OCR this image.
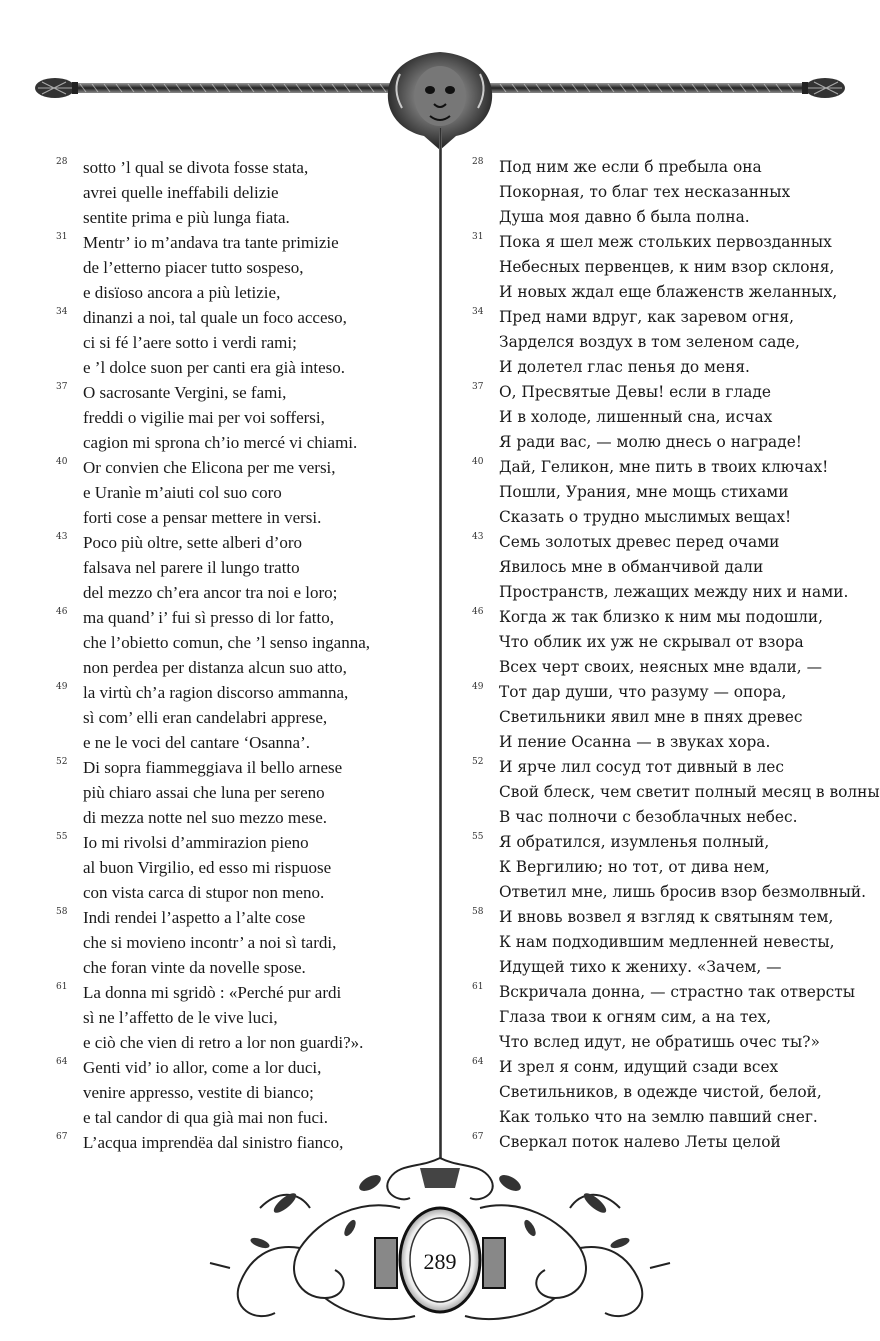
28 sotto ’l qual se divota fosse stata,
avrei quelle ineffabili delizie
sentite prima e più lunga fiata.
31 Mentr’ io m’andava tra tante primizie
de l’etterno piacer tutto sospeso,
e disïoso ancora a più letizie,
34 dinanzi a noi, tal quale un foco acceso,
ci si fé l’aere sotto i verdi rami;
e ’l dolce suon per canti era già inteso.
37 O sacrosante Vergini, se fami,
freddi o vigilie mai per voi soffersi,
cagion mi sprona ch’io mercé vi chiami.
40 Or convien che Elicona per me versi,
e Uranìe m’aiuti col suo coro
forti cose a pensar mettere in versi.
43 Poco più oltre, sette alberi d’oro
falsava nel parere il lungo tratto
del mezzo ch’era ancor tra noi e loro;
46 ma quand’ i’ fui sì presso di lor fatto,
che l’obietto comun, che ’l senso inganna,
non perdea per distanza alcun suo atto,
49 la virtù ch’a ragion discorso ammanna,
sì com’ elli eran candelabri apprese,
e ne le voci del cantare ‘Osanna’.
52 Di sopra fiammeggiava il bello arnese
più chiaro assai che luna per sereno
di mezza notte nel suo mezzo mese.
55 Io mi rivolsi d’ammirazion pieno
al buon Virgilio, ed esso mi rispuose
con vista carca di stupor non meno.
58 Indi rendei l’aspetto a l’alte cose
che si movieno incontr’ a noi sì tardi,
che foran vinte da novelle spose.
61 La donna mi sgridò : «Perché pur ardi
sì ne l’affetto de le vive luci,
e ciò che vien di retro a lor non guardi?».
64 Genti vid’ io allor, come a lor duci,
venire appresso, vestite di bianco;
e tal candor di qua già mai non fuci.
67 L’acqua imprendëa dal sinistro fianco,
28	Под ним же если б пребыла она
Покорная, то благ тех несказанных
Душа моя давно б была полна.
31	Пока я шел меж стольких первозданных
Небесных первенцев, к ним взор склоня,
И новых ждал еще блаженств желанных,
34	Пред нами вдруг, как заревом огня,
Зарделся воздух в том зеленом саде,
И долетел глас пенья до меня.
37	О, Пресвятые Девы! если в гладе
И в холоде, лишенный сна, исчах
Я ради вас, — молю днесь о награде!
40	Дай, Геликон, мне пить в твоих ключах!
Пошли, Урания, мне мощь стихами
Сказать о трудно мыслимых вещах!
43	Семь золотых древес перед очами
Явилось мне в обманчивой дали
Пространств, лежащих между них и нами.
46	Когда ж так близко к ним мы подошли,
Что облик их уж не скрывал от взора
Всех черт своих, неясных мне вдали, —
49	Тот дар души, что разуму — опора,
Светильники явил мне в пнях древес
И пение Осанна — в звуках хора.
52	И ярче лил сосуд тот дивный в лес
Свой блеск, чем светит полный месяц в волны
В час полночи с безоблачных небес.
55	Я обратился, изумленья полный,
К Вергилию; но тот, от дива нем,
Ответил мне, лишь бросив взор безмолвный.
58	И вновь возвел я взгляд к святыням тем,
К нам подходившим медленней невесты,
Идущей тихо к жениху. «Зачем, —
61	Вскричала донна, — страстно так отверсты
Глаза твои к огням сим, а на тех,
Что вслед идут, не обратишь очес ты?»
64	И зрел я сонм, идущий сзади всех
Светильников, в одежде чистой, белой,
Как только что на землю павший снег.
67	Сверкал поток налево Леты целой
289
